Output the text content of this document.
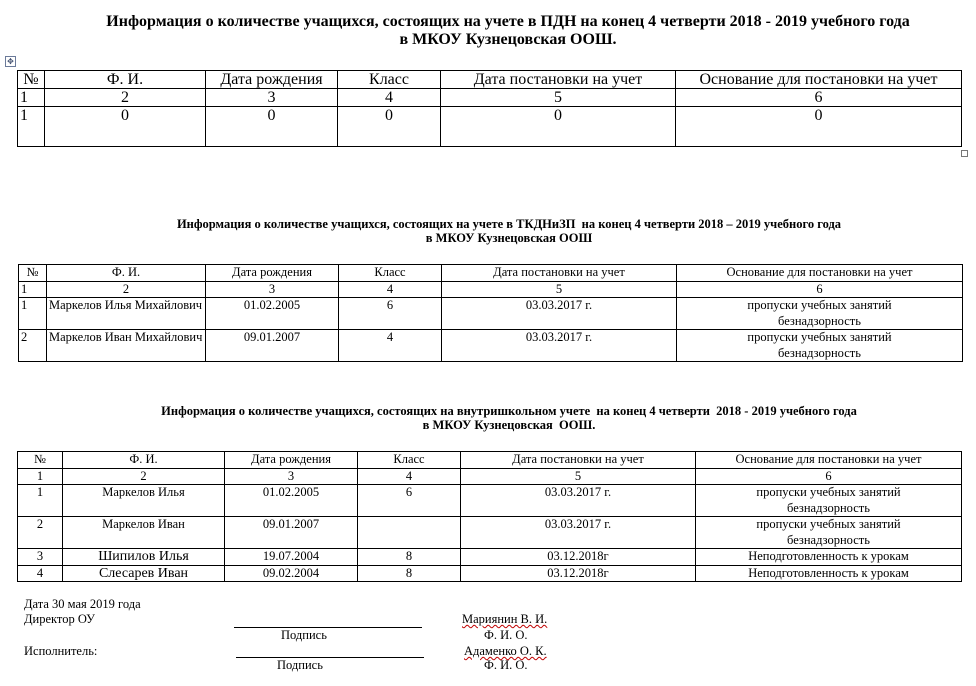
Информация о количестве учащихся, состоящих на учете в ПДН на конец 4 четверти 2018 - 2019 учебного года
в МКОУ Кузнецовская ООШ.
✥
№	Ф. И.	Дата рождения	Класс	Дата постановки на учет	Основание для постановки на учет
1	2	3	4	5	6
1	0	0	0	0	0
Информация о количестве учащихся, состоящих на учете в ТКДНиЗП  на конец 4 четверти 2018 – 2019 учебного года
в МКОУ Кузнецовская ООШ
№	Ф. И.	Дата рождения	Класс	Дата постановки на учет	Основание для постановки на учет
1	2	3	4	5	6
1	Маркелов Илья Михайлович	01.02.2005	6	03.03.2017 г.	пропуски учебных занятий безнадзорность
2	Маркелов Иван Михайлович	09.01.2007	4	03.03.2017 г.	пропуски учебных занятий безнадзорность
Информация о количестве учащихся, состоящих на внутришкольном учете  на конец 4 четверти  2018 - 2019 учебного года
в МКОУ Кузнецовская  ООШ.
№	Ф. И.	Дата рождения	Класс	Дата постановки на учет	Основание для постановки на учет
1	2	3	4	5	6
1	Маркелов Илья	01.02.2005	6	03.03.2017 г.	пропуски учебных занятий безнадзорность
2	Маркелов Иван	09.01.2007		03.03.2017 г.	пропуски учебных занятий безнадзорность
3	Шипилов Илья	19.07.2004	8	03.12.2018г	Неподготовленность к урокам
4	Слесарев Иван	09.02.2004	8	03.12.2018г	Неподготовленность к урокам
Дата 30 мая 2019 года
Директор ОУ
Подпись
Мариянин В. И.
Ф. И. О.
Исполнитель:
Подпись
Адаменко О. К.
Ф. И. О.
